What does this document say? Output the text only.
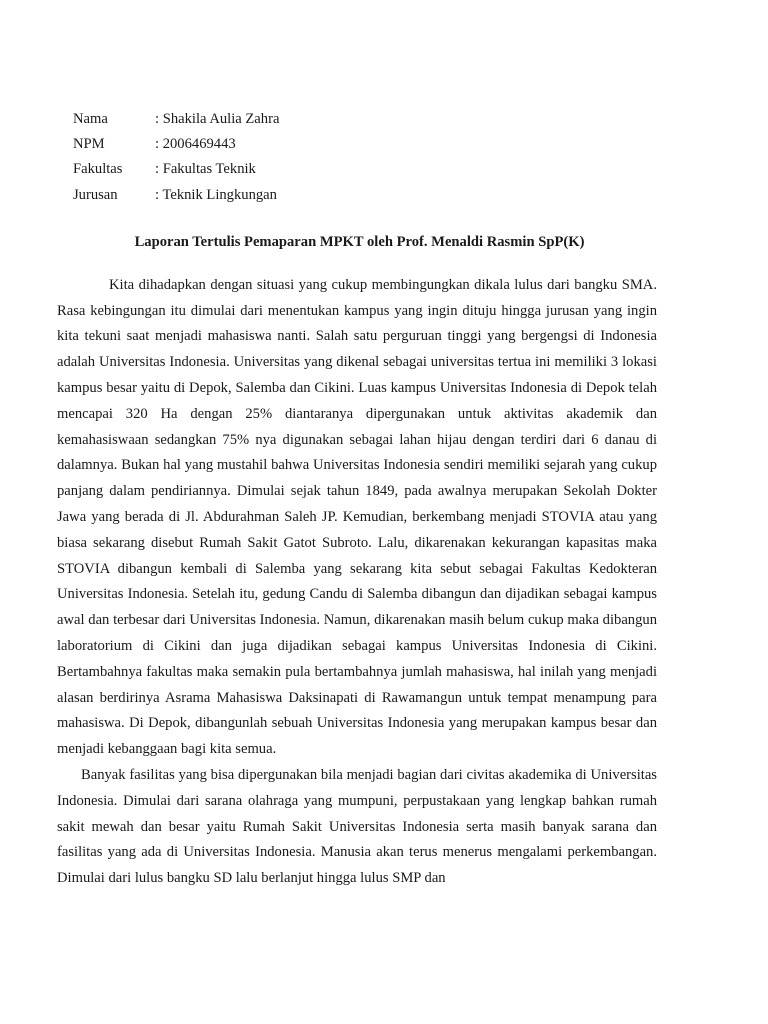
Nama	: Shakila Aulia Zahra
NPM	: 2006469443
Fakultas	: Fakultas Teknik
Jurusan	: Teknik Lingkungan
Laporan Tertulis Pemaparan MPKT oleh Prof. Menaldi Rasmin SpP(K)

Kita dihadapkan dengan situasi yang cukup membingungkan dikala lulus dari bangku SMA. Rasa kebingungan itu dimulai dari menentukan kampus yang ingin dituju hingga jurusan yang ingin kita tekuni saat menjadi mahasiswa nanti. Salah satu perguruan tinggi yang bergengsi di Indonesia adalah Universitas Indonesia. Universitas yang dikenal sebagai universitas tertua ini memiliki 3 lokasi kampus besar yaitu di Depok, Salemba dan Cikini. Luas kampus Universitas Indonesia di Depok telah mencapai 320 Ha dengan 25% diantaranya dipergunakan untuk aktivitas akademik dan kemahasiswaan sedangkan 75% nya digunakan sebagai lahan hijau dengan terdiri dari 6 danau di dalamnya. Bukan hal yang mustahil bahwa Universitas Indonesia sendiri memiliki sejarah yang cukup panjang dalam pendiriannya. Dimulai sejak tahun 1849, pada awalnya merupakan Sekolah Dokter Jawa yang berada di Jl. Abdurahman Saleh JP. Kemudian, berkembang menjadi STOVIA atau yang biasa sekarang disebut Rumah Sakit Gatot Subroto. Lalu, dikarenakan kekurangan kapasitas maka STOVIA dibangun kembali di Salemba yang sekarang kita sebut sebagai Fakultas Kedokteran Universitas Indonesia. Setelah itu, gedung Candu di Salemba dibangun dan dijadikan sebagai kampus awal dan terbesar dari Universitas Indonesia. Namun, dikarenakan masih belum cukup maka dibangun laboratorium di Cikini dan juga dijadikan sebagai kampus Universitas Indonesia di Cikini. Bertambahnya fakultas maka semakin pula bertambahnya jumlah mahasiswa, hal inilah yang menjadi alasan berdirinya Asrama Mahasiswa Daksinapati di Rawamangun untuk tempat menampung para mahasiswa. Di Depok, dibangunlah sebuah Universitas Indonesia yang merupakan kampus besar dan menjadi kebanggaan bagi kita semua.

Banyak fasilitas yang bisa dipergunakan bila menjadi bagian dari civitas akademika di Universitas Indonesia. Dimulai dari sarana olahraga yang mumpuni, perpustakaan yang lengkap bahkan rumah sakit mewah dan besar yaitu Rumah Sakit Universitas Indonesia serta masih banyak sarana dan fasilitas yang ada di Universitas Indonesia. Manusia akan terus menerus mengalami perkembangan. Dimulai dari lulus bangku SD lalu berlanjut hingga lulus SMP dan
